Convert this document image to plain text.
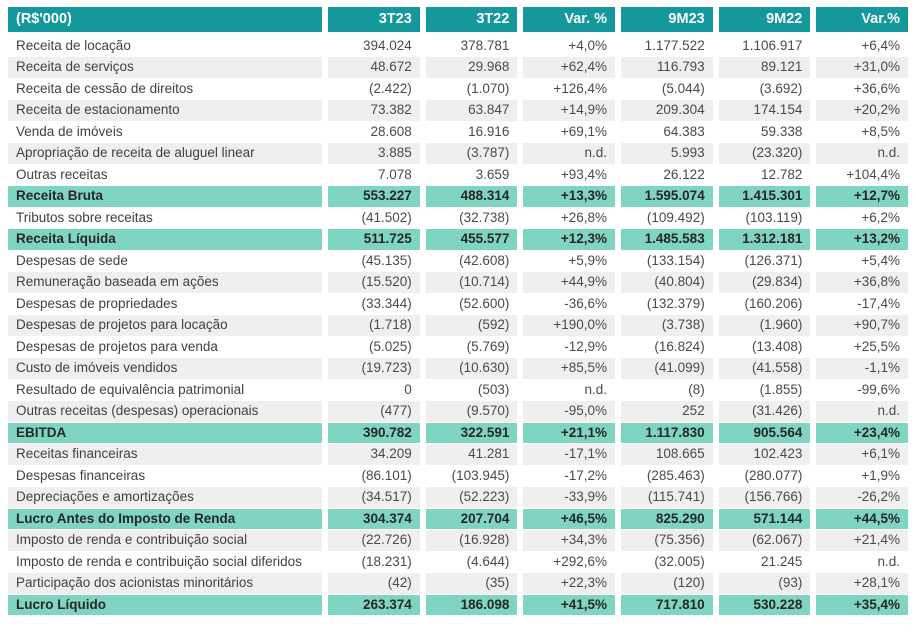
(R$'000)	3T23	3T22	Var. %	9M23	9M22	Var.%
Receita de locação	394.024	378.781	+4,0%	1.177.522	1.106.917	+6,4%
Receita de serviços	48.672	29.968	+62,4%	116.793	89.121	+31,0%
Receita de cessão de direitos	(2.422)	(1.070)	+126,4%	(5.044)	(3.692)	+36,6%
Receita de estacionamento	73.382	63.847	+14,9%	209.304	174.154	+20,2%
Venda de imóveis	28.608	16.916	+69,1%	64.383	59.338	+8,5%
Apropriação de receita de aluguel linear	3.885	(3.787)	n.d.	5.993	(23.320)	n.d.
Outras receitas	7.078	3.659	+93,4%	26.122	12.782	+104,4%
Receita Bruta	553.227	488.314	+13,3%	1.595.074	1.415.301	+12,7%
Tributos sobre receitas	(41.502)	(32.738)	+26,8%	(109.492)	(103.119)	+6,2%
Receita Líquida	511.725	455.577	+12,3%	1.485.583	1.312.181	+13,2%
Despesas de sede	(45.135)	(42.608)	+5,9%	(133.154)	(126.371)	+5,4%
Remuneração baseada em ações	(15.520)	(10.714)	+44,9%	(40.804)	(29.834)	+36,8%
Despesas de propriedades	(33.344)	(52.600)	-36,6%	(132.379)	(160.206)	-17,4%
Despesas de projetos para locação	(1.718)	(592)	+190,0%	(3.738)	(1.960)	+90,7%
Despesas de projetos para venda	(5.025)	(5.769)	-12,9%	(16.824)	(13.408)	+25,5%
Custo de imóveis vendidos	(19.723)	(10.630)	+85,5%	(41.099)	(41.558)	-1,1%
Resultado de equivalência patrimonial	0	(503)	n.d.	(8)	(1.855)	-99,6%
Outras receitas (despesas) operacionais	(477)	(9.570)	-95,0%	252	(31.426)	n.d.
EBITDA	390.782	322.591	+21,1%	1.117.830	905.564	+23,4%
Receitas financeiras	34.209	41.281	-17,1%	108.665	102.423	+6,1%
Despesas financeiras	(86.101)	(103.945)	-17,2%	(285.463)	(280.077)	+1,9%
Depreciações e amortizações	(34.517)	(52.223)	-33,9%	(115.741)	(156.766)	-26,2%
Lucro Antes do Imposto de Renda	304.374	207.704	+46,5%	825.290	571.144	+44,5%
Imposto de renda e contribuição social	(22.726)	(16.928)	+34,3%	(75.356)	(62.067)	+21,4%
Imposto de renda e contribuição social diferidos	(18.231)	(4.644)	+292,6%	(32.005)	21.245	n.d.
Participação dos acionistas minoritários	(42)	(35)	+22,3%	(120)	(93)	+28,1%
Lucro Líquido	263.374	186.098	+41,5%	717.810	530.228	+35,4%
